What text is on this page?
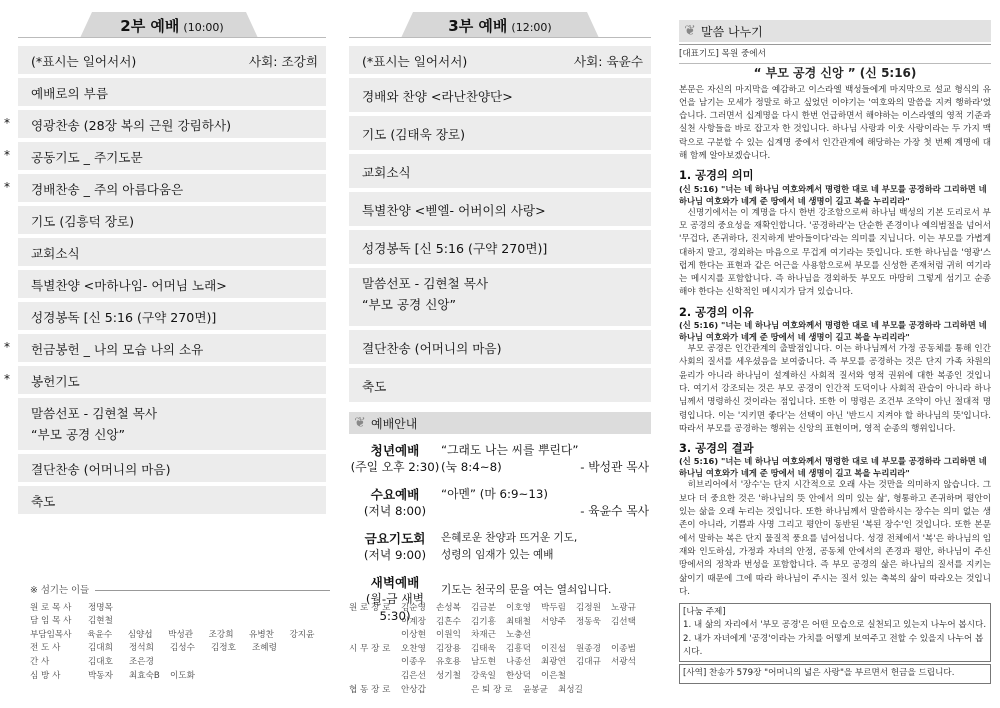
2부 예배 (10:00)
(*표시는 일어서서)	사회: 조강희
예배로의 부름
*	영광찬송 (28장 복의 근원 강림하사)
*	공동기도 _ 주기도문
*	경배찬송 _ 주의 아름다움은
기도 (김흥덕 장로)
교회소식
특별찬양 <마하나임- 어머님 노래>
성경봉독 [신 5:16 (구약 270면)]
*	헌금봉헌 _ 나의 모습 나의 소유
*	봉헌기도
말씀선포 - 김현철 목사
“부모 공경 신앙”
결단찬송 (어머니의 마음)
축도
※ 섬기는 이들
원 로 목 사	정명목
담 임 목 사	김현철
부담임목사	육윤수	심양섭	박성관	조강희	유병찬	강지윤
전 도 사	김대희	정석희	김성수	김정호	조혜령
간 사	김대호	조은경
심 방 사	박동자	최효숙B	이도화
3부 예배 (12:00)
(*표시는 일어서서)	사회: 육윤수
경배와 찬양 <라난찬양단>
기도 (김태욱 장로)
교회소식
특별찬양 <벧엘- 어버이의 사랑>
성경봉독 [신 5:16 (구약 270면)]
말씀선포 - 김현철 목사
“부모 공경 신앙”
결단찬송 (어머니의 마음)
축도
❦ 예배안내
청년예배
(주일 오후 2:30)
“그래도 나는 씨를 뿌린다”
(눅 8:4~8)	- 박성관 목사
수요예배
(저녁 8:00)
“아멘” (마 6:9~13)
- 육윤수 목사
금요기도회
(저녁 9:00)
은혜로운 찬양과 뜨거운 기도,
성령의 임재가 있는 예배
새벽예배
(월-금 새벽 5:30)
기도는 천국의 문을 여는 열쇠입니다.
원 로 장 로	김순영	손성복	김금분	이호영	박두림	김정원	노광규
이계장	김흔수	김기흥	최태철	서양주	정동욱	김선택
이상현	이원익	차재근	노충선
시 무 장 로	오찬영	김장용	김태욱	김흥덕	이진섭	원종경	이종범
이종우	유호용	남도현	나종선	최광연	김대규	서광석
김은선	성기철	강욱일	한상덕	이은철
협 동 장 로	안상갑	은 퇴 장 로	윤봉균	최성길
❦ 말씀 나누기
[대표기도] 목원 중에서
“ 부모 공경 신앙 ” (신 5:16)
본문은 자신의 마지막을 예감하고 이스라엘 백성들에게 마지막으로 설교 형식의 유언을 남기는 모세가 정말로 하고 싶었던 이야기는 '여호와의 말씀을 지켜 행하라'였습니다. 그러면서 십계명을 다시 한번 언급하면서 해야하는 이스라엘의 영적 기준과 실천 사항들을 바로 잡고자 한 것입니다. 하나님 사랑과 이웃 사랑이라는 두 가지 맥락으로 구분할 수 있는 십계명 중에서 인간관계에 해당하는 가장 첫 번째 계명에 대해 함께 알아보겠습니다.
1. 공경의 의미
(신 5:16) "너는 네 하나님 여호와께서 명령한 대로 네 부모를 공경하라 그리하면 네 하나님 여호와가 네게 준 땅에서 네 생명이 길고 복을 누리리라"
신명기에서는 이 계명을 다시 한번 강조함으로써 하나님 백성의 기본 도리로서 부모 공경의 중요성을 재확인합니다. '공경하라'는 단순한 존경이나 예의범절을 넘어서 '무겁다, 존귀하다, 진지하게 받아들이다'라는 의미를 지닙니다. 이는 부모를 가볍게 대하지 말고, 경외하는 마음으로 무겁게 여기라는 뜻입니다. 또한 하나님을 '영광'스럽게 한다는 표현과 같은 어근을 사용함으로써 부모를 신성한 존재처럼 귀히 여기라는 메시지를 포함합니다. 즉 하나님을 경외하듯 부모도 마땅히 그렇게 섬기고 순종해야 한다는 신학적인 메시지가 담겨 있습니다.
2. 공경의 이유
(신 5:16) "너는 네 하나님 여호와께서 명령한 대로 네 부모를 공경하라 그리하면 네 하나님 여호와가 네게 준 땅에서 네 생명이 길고 복을 누리리라"
부모 공경은 인간관계의 출발점입니다. 이는 하나님께서 가정 공동체를 통해 인간 사회의 질서를 세우셨음을 보여줍니다. 즉 부모를 공경하는 것은 단지 가족 차원의 윤리가 아니라 하나님이 설계하신 사회적 질서와 영적 권위에 대한 복종인 것입니다. 여기서 강조되는 것은 부모 공경이 인간적 도덕이나 사회적 관습이 아니라 하나님께서 명령하신 것이라는 점입니다. 또한 이 명령은 조건부 조약이 아닌 절대적 명령입니다. 이는 '지키면 좋다'는 선택이 아닌 '반드시 지켜야 할 하나님의 뜻'입니다. 따라서 부모를 공경하는 행위는 신앙의 표현이며, 영적 순종의 행위입니다.
3. 공경의 결과
(신 5:16) "너는 네 하나님 여호와께서 명령한 대로 네 부모를 공경하라 그리하면 네 하나님 여호와가 네게 준 땅에서 네 생명이 길고 복을 누리리라"
히브리어에서 '장수'는 단지 시간적으로 오래 사는 것만을 의미하지 않습니다. 그보다 더 중요한 것은 '하나님의 뜻 안에서 의미 있는 삶', 형통하고 존귀하며 평안이 있는 삶을 오래 누리는 것입니다. 또한 하나님께서 말씀하시는 장수는 의미 없는 생존이 아니라, 기쁨과 사명 그리고 평안이 동반된 '복된 장수'인 것입니다. 또한 본문에서 말하는 복은 단지 물질적 풍요를 넘어섭니다. 성경 전체에서 '복'은 하나님의 임재와 인도하심, 가정과 자녀의 안정, 공동체 안에서의 존경과 평안, 하나님이 주신 땅에서의 정착과 번성을 포함합니다. 즉 부모 공경의 삶은 하나님의 질서를 지키는 삶이기 때문에 그에 따라 하나님이 주시는 질서 있는 축복의 삶이 따라오는 것입니다.
[나눔 주제]
1. 내 삶의 자리에서 '부모 공경'은 어떤 모습으로 실천되고 있는지 나누어 봅시다.
2. 내가 자녀에게 '공경'이라는 가치를 어떻게 보여주고 전할 수 있을지 나누어 봅시다.
[사역] 찬송가 579장 "어머니의 넓은 사랑"을 부르면서 헌금을 드립니다.
